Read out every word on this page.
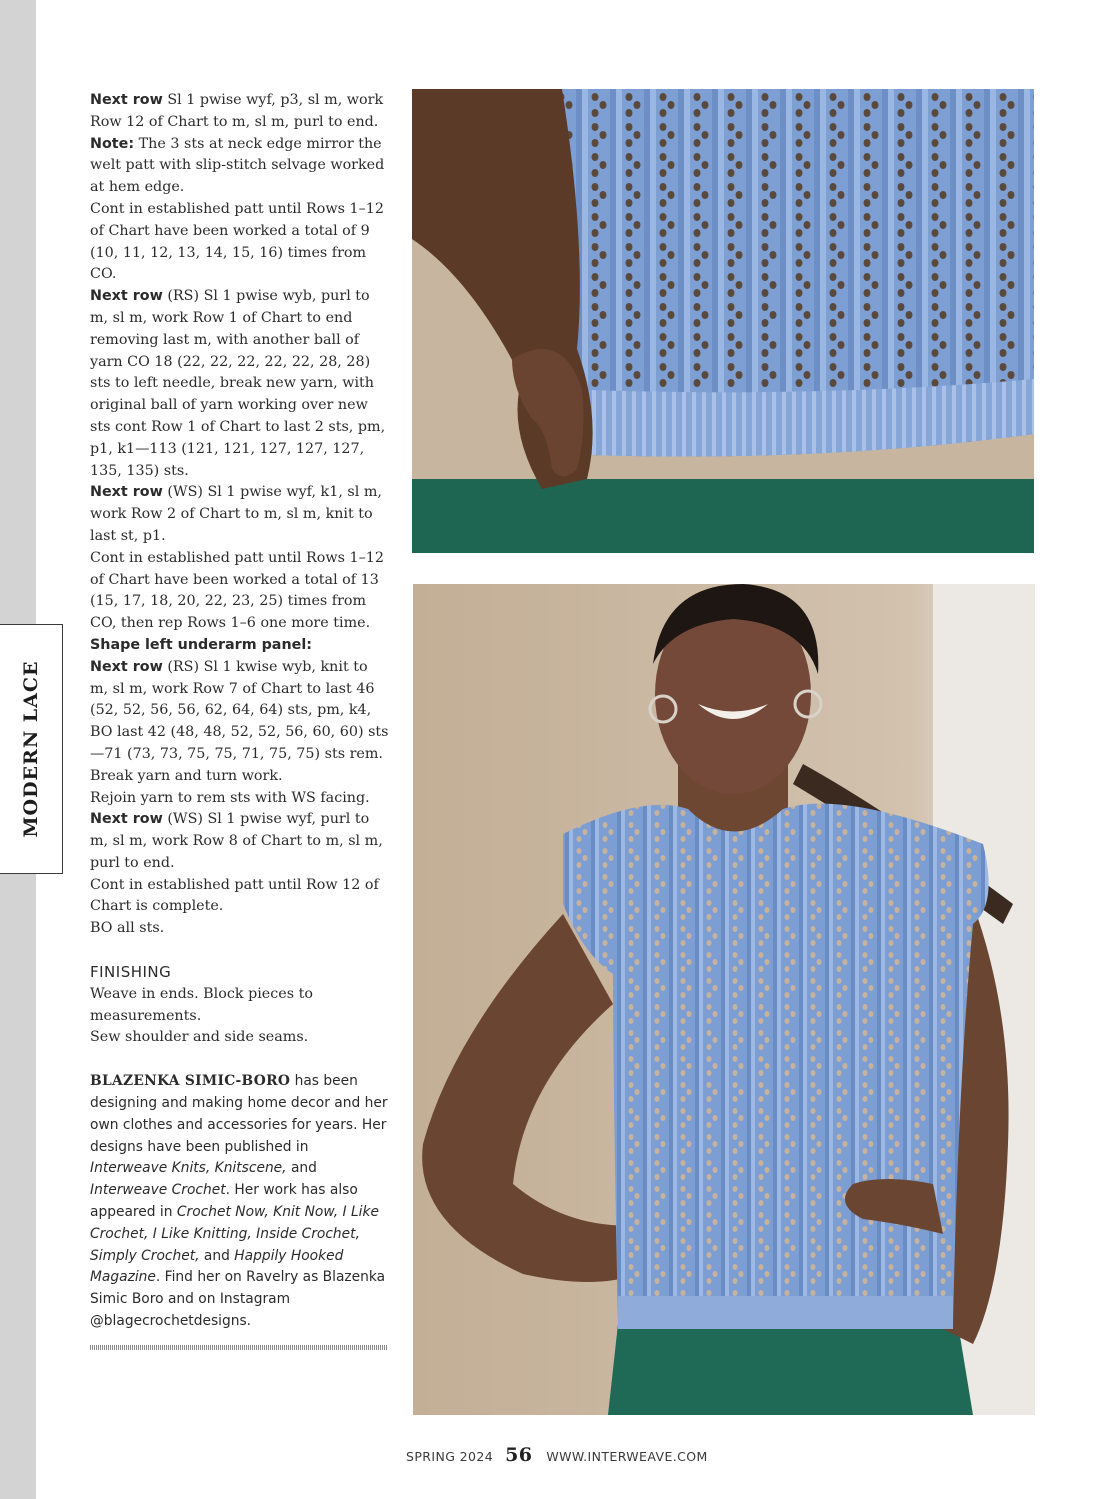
MODERN LACE

Next row Sl 1 pwise wyf, p3, sl m, work Row 12 of Chart to m, sl m, purl to end.

Note: The 3 sts at neck edge mirror the welt patt with slip-stitch selvage worked at hem edge.

Cont in established patt until Rows 1–12 of Chart have been worked a total of 9 (10, 11, 12, 13, 14, 15, 16) times from CO.

Next row (RS) Sl 1 pwise wyb, purl to m, sl m, work Row 1 of Chart to end removing last m, with another ball of yarn CO 18 (22, 22, 22, 22, 22, 28, 28) sts to left needle, break new yarn, with original ball of yarn working over new sts cont Row 1 of Chart to last 2 sts, pm, p1, k1—113 (121, 121, 127, 127, 127, 135, 135) sts.

Next row (WS) Sl 1 pwise wyf, k1, sl m, work Row 2 of Chart to m, sl m, knit to last st, p1.

Cont in established patt until Rows 1–12 of Chart have been worked a total of 13 (15, 17, 18, 20, 22, 23, 25) times from CO, then rep Rows 1–6 one more time.

Shape left underarm panel:

Next row (RS) Sl 1 kwise wyb, knit to m, sl m, work Row 7 of Chart to last 46 (52, 52, 56, 56, 62, 64, 64) sts, pm, k4, BO last 42 (48, 48, 52, 52, 56, 60, 60) sts—71 (73, 73, 75, 75, 71, 75, 75) sts rem. Break yarn and turn work.

Rejoin yarn to rem sts with WS facing.

Next row (WS) Sl 1 pwise wyf, purl to m, sl m, work Row 8 of Chart to m, sl m, purl to end.

Cont in established patt until Row 12 of Chart is complete.

BO all sts.

FINISHING

Weave in ends. Block pieces to measurements.

Sew shoulder and side seams.

BLAZENKA SIMIC-BORO has been designing and making home decor and her own clothes and accessories for years. Her designs have been published in Interweave Knits, Knitscene, and Interweave Crochet. Her work has also appeared in Crochet Now, Knit Now, I Like Crochet, I Like Knitting, Inside Crochet, Simply Crochet, and Happily Hooked Magazine. Find her on Ravelry as Blazenka Simic Boro and on Instagram @blagecrochetdesigns.

SPRING 2024 56 WWW.INTERWEAVE.COM
